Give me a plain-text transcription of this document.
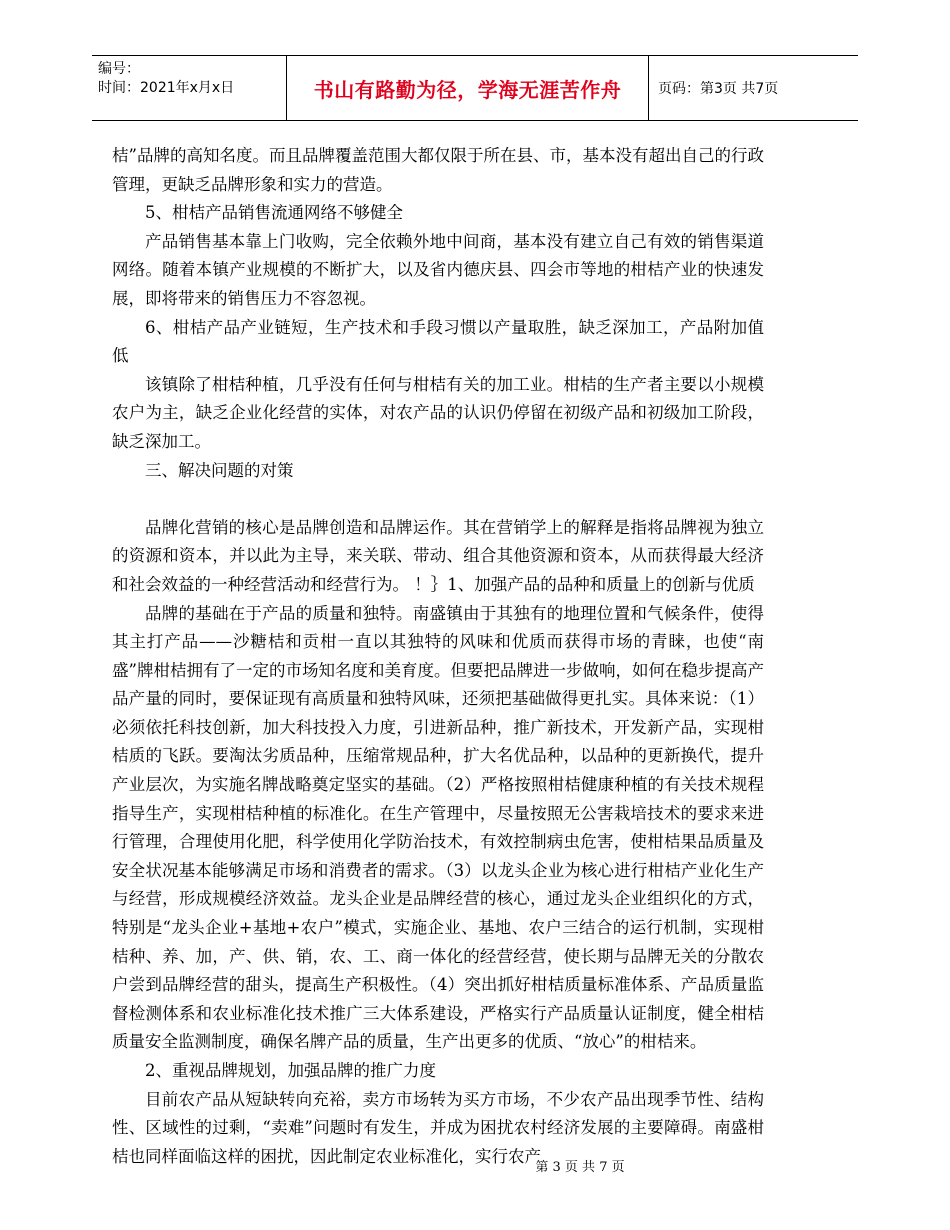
编号：
时间：2021年x月x日	书山有路勤为径，学海无涯苦作舟	页码：第3页 共7页

桔”品牌的高知名度。而且品牌覆盖范围大都仅限于所在县、市，基本没有超出自己的行政管理，更缺乏品牌形象和实力的营造。

5、柑桔产品销售流通网络不够健全

产品销售基本靠上门收购，完全依赖外地中间商，基本没有建立自己有效的销售渠道网络。随着本镇产业规模的不断扩大，以及省内德庆县、四会市等地的柑桔产业的快速发展，即将带来的销售压力不容忽视。

6、柑桔产品产业链短，生产技术和手段习惯以产量取胜，缺乏深加工，产品附加值低

该镇除了柑桔种植，几乎没有任何与柑桔有关的加工业。柑桔的生产者主要以小规模农户为主，缺乏企业化经营的实体，对农产品的认识仍停留在初级产品和初级加工阶段，缺乏深加工。

三、解决问题的对策

品牌化营销的核心是品牌创造和品牌运作。其在营销学上的解释是指将品牌视为独立的资源和资本，并以此为主导，来关联、带动、组合其他资源和资本，从而获得最大经济和社会效益的一种经营活动和经营行为。 ！｝1、加强产品的品种和质量上的创新与优质

品牌的基础在于产品的质量和独特。南盛镇由于其独有的地理位置和气候条件，使得其主打产品——沙糖桔和贡柑一直以其独特的风味和优质而获得市场的青睐，也使“南盛”牌柑桔拥有了一定的市场知名度和美育度。但要把品牌进一步做响，如何在稳步提高产品产量的同时，要保证现有高质量和独特风味，还须把基础做得更扎实。具体来说：（1）必须依托科技创新，加大科技投入力度，引进新品种，推广新技术，开发新产品，实现柑桔质的飞跃。要淘汰劣质品种，压缩常规品种，扩大名优品种，以品种的更新换代，提升产业层次，为实施名牌战略奠定坚实的基础。（2）严格按照柑桔健康种植的有关技术规程指导生产，实现柑桔种植的标准化。在生产管理中，尽量按照无公害栽培技术的要求来进行管理，合理使用化肥，科学使用化学防治技术，有效控制病虫危害，使柑桔果品质量及安全状况基本能够满足市场和消费者的需求。（3）以龙头企业为核心进行柑桔产业化生产与经营，形成规模经济效益。龙头企业是品牌经营的核心，通过龙头企业组织化的方式，特别是“龙头企业+基地+农户”模式，实施企业、基地、农户三结合的运行机制，实现柑桔种、养、加，产、供、销，农、工、商一体化的经营经营，使长期与品牌无关的分散农户尝到品牌经营的甜头，提高生产积极性。（4）突出抓好柑桔质量标准体系、产品质量监督检测体系和农业标准化技术推广三大体系建设，严格实行产品质量认证制度，健全柑桔质量安全监测制度，确保名牌产品的质量，生产出更多的优质、“放心”的柑桔来。

2、重视品牌规划，加强品牌的推广力度

目前农产品从短缺转向充裕，卖方市场转为买方市场，不少农产品出现季节性、结构性、区域性的过剩，“卖难”问题时有发生，并成为困扰农村经济发展的主要障碍。南盛柑桔也同样面临这样的困扰，因此制定农业标准化，实行农产

第 3 页 共 7 页
